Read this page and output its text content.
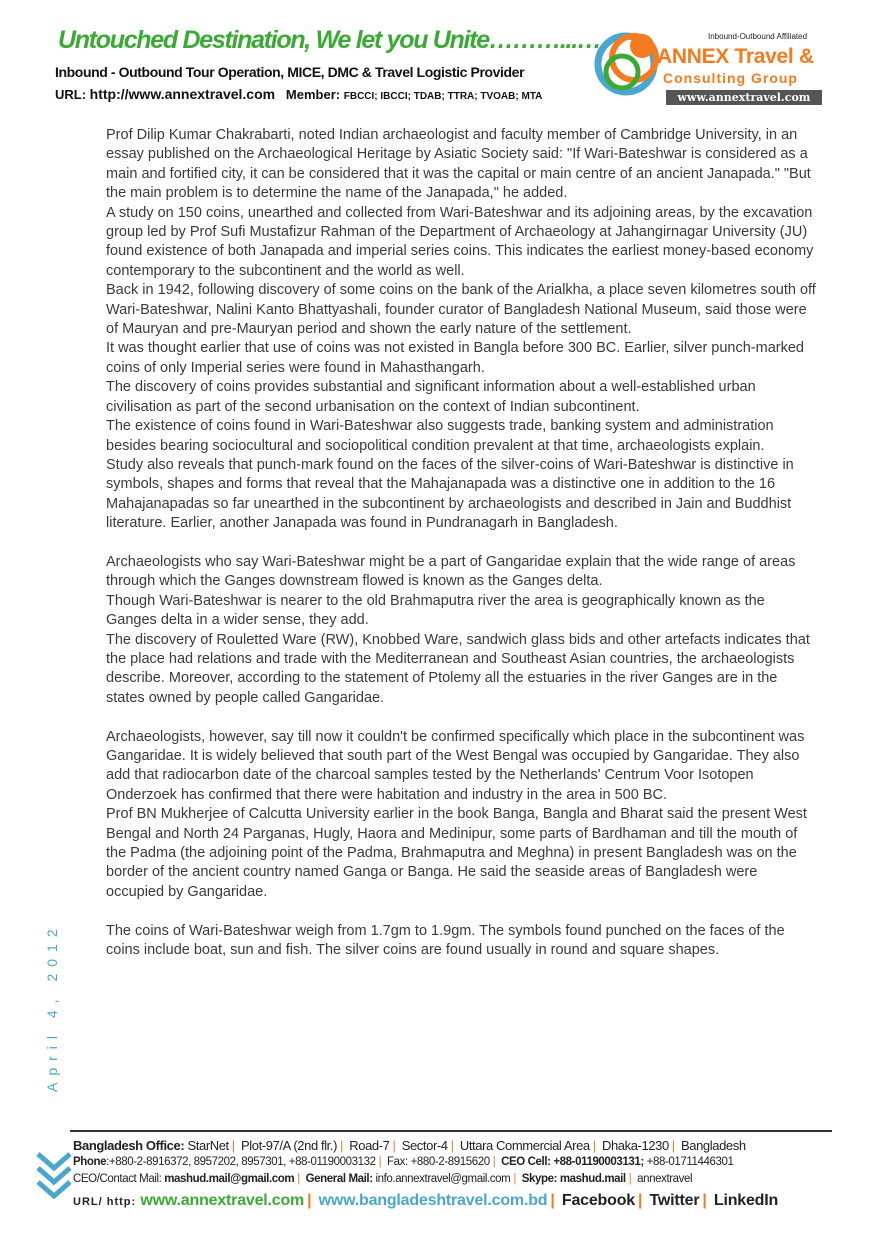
Untouched Destination, We let you Unite………...…
Inbound - Outbound Tour Operation, MICE, DMC & Travel Logistic Provider
URL: http://www.annextravel.com Member: FBCCI; IBCCI; TDAB; TTRA; TVOAB; MTA
Inbound-Outbound Affiliated
ANNEX Travel &
Consulting Group
www.annextravel.com

Prof Dilip Kumar Chakrabarti, noted Indian archaeologist and faculty member of Cambridge University, in an essay published on the Archaeological Heritage by Asiatic Society said: "If Wari-Bateshwar is considered as a main and fortified city, it can be considered that it was the capital or main centre of an ancient Janapada." "But the main problem is to determine the name of the Janapada," he added.

A study on 150 coins, unearthed and collected from Wari-Bateshwar and its adjoining areas, by the excavation group led by Prof Sufi Mustafizur Rahman of the Department of Archaeology at Jahangirnagar University (JU) found existence of both Janapada and imperial series coins. This indicates the earliest money-based economy contemporary to the subcontinent and the world as well.

Back in 1942, following discovery of some coins on the bank of the Arialkha, a place seven kilometres south off Wari-Bateshwar, Nalini Kanto Bhattyashali, founder curator of Bangladesh National Museum, said those were of Mauryan and pre-Mauryan period and shown the early nature of the settlement.

It was thought earlier that use of coins was not existed in Bangla before 300 BC. Earlier, silver punch-marked coins of only Imperial series were found in Mahasthangarh.

The discovery of coins provides substantial and significant information about a well-established urban civilisation as part of the second urbanisation on the context of Indian subcontinent.

The existence of coins found in Wari-Bateshwar also suggests trade, banking system and administration besides bearing sociocultural and sociopolitical condition prevalent at that time, archaeologists explain.

Study also reveals that punch-mark found on the faces of the silver-coins of Wari-Bateshwar is distinctive in symbols, shapes and forms that reveal that the Mahajanapada was a distinctive one in addition to the 16 Mahajanapadas so far unearthed in the subcontinent by archaeologists and described in Jain and Buddhist literature. Earlier, another Janapada was found in Pundranagarh in Bangladesh.

Archaeologists who say Wari-Bateshwar might be a part of Gangaridae explain that the wide range of areas through which the Ganges downstream flowed is known as the Ganges delta.

Though Wari-Bateshwar is nearer to the old Brahmaputra river the area is geographically known as the Ganges delta in a wider sense, they add.

The discovery of Rouletted Ware (RW), Knobbed Ware, sandwich glass bids and other artefacts indicates that the place had relations and trade with the Mediterranean and Southeast Asian countries, the archaeologists describe. Moreover, according to the statement of Ptolemy all the estuaries in the river Ganges are in the states owned by people called Gangaridae.

Archaeologists, however, say till now it couldn't be confirmed specifically which place in the subcontinent was Gangaridae. It is widely believed that south part of the West Bengal was occupied by Gangaridae. They also add that radiocarbon date of the charcoal samples tested by the Netherlands' Centrum Voor Isotopen Onderzoek has confirmed that there were habitation and industry in the area in 500 BC.

Prof BN Mukherjee of Calcutta University earlier in the book Banga, Bangla and Bharat said the present West Bengal and North 24 Parganas, Hugly, Haora and Medinipur, some parts of Bardhaman and till the mouth of the Padma (the adjoining point of the Padma, Brahmaputra and Meghna) in present Bangladesh was on the border of the ancient country named Ganga or Banga. He said the seaside areas of Bangladesh were occupied by Gangaridae.

The coins of Wari-Bateshwar weigh from 1.7gm to 1.9gm. The symbols found punched on the faces of the coins include boat, sun and fish. The silver coins are found usually in round and square shapes.

April 4, 2012
Bangladesh Office: StarNet | Plot-97/A (2nd flr.) | Road-7 | Sector-4 | Uttara Commercial Area | Dhaka-1230 | Bangladesh
Phone:+880-2-8916372, 8957202, 8957301, +88-01190003132 | Fax: +880-2-8915620 | CEO Cell: +88-01190003131; +88-01711446301
CEO/Contact Mail: mashud.mail@gmail.com | General Mail: info.annextravel@gmail.com | Skype: mashud.mail | annextravel
URL/ http: www.annextravel.com | www.bangladeshtravel.com.bd | Facebook | Twitter | LinkedIn
